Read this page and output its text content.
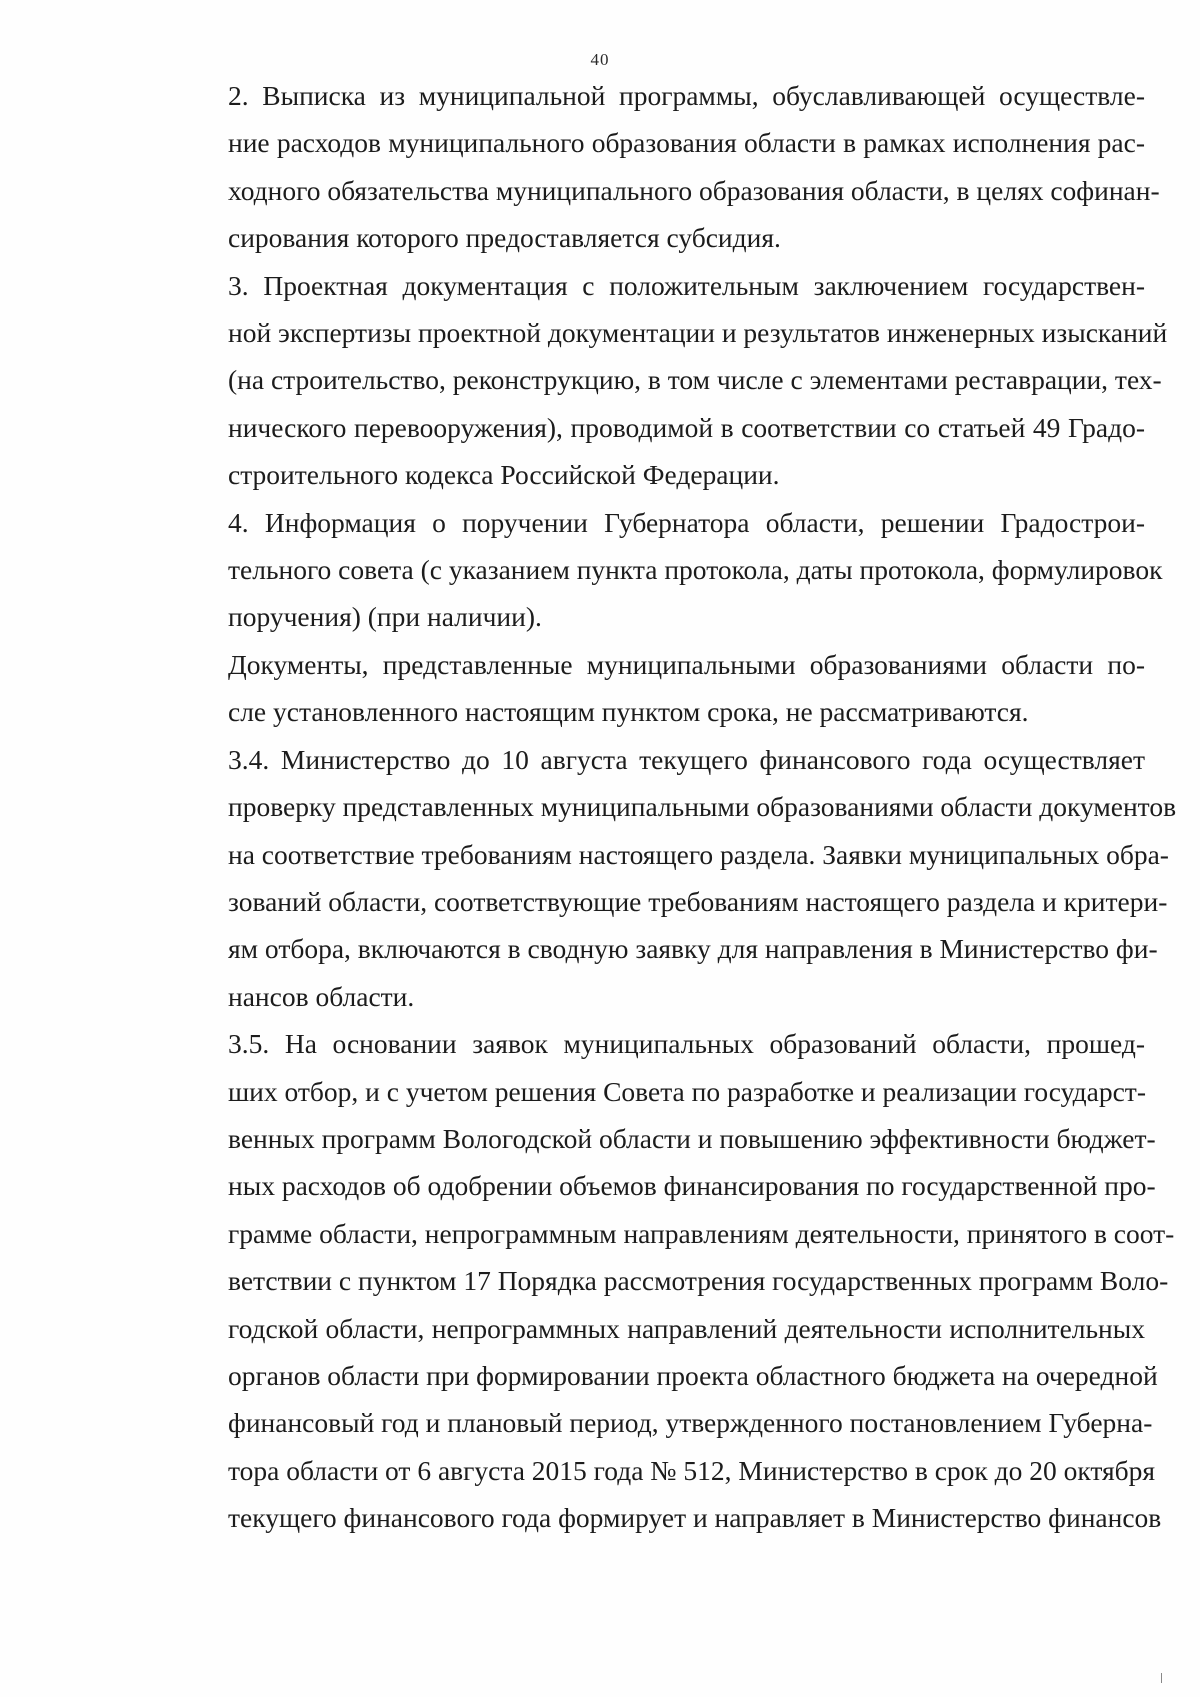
40
2. Выписка из муниципальной программы, обуславливающей осуществле-
ние расходов муниципального образования области в рамках исполнения рас-
ходного обязательства муниципального образования области, в целях софинан-
сирования которого предоставляется субсидия.
3. Проектная документация с положительным заключением государствен-
ной экспертизы проектной документации и результатов инженерных изысканий
(на строительство, реконструкцию, в том числе с элементами реставрации, тех-
нического перевооружения), проводимой в соответствии со статьей 49 Градо-
строительного кодекса Российской Федерации.
4. Информация о поручении Губернатора области, решении Градострои-
тельного совета (с указанием пункта протокола, даты протокола, формулировок
поручения) (при наличии).
Документы, представленные муниципальными образованиями области по-
сле установленного настоящим пунктом срока, не рассматриваются.
3.4. Министерство до 10 августа текущего финансового года осуществляет
проверку представленных муниципальными образованиями области документов
на соответствие требованиям настоящего раздела. Заявки муниципальных обра-
зований области, соответствующие требованиям настоящего раздела и критери-
ям отбора, включаются в сводную заявку для направления в Министерство фи-
нансов области.
3.5. На основании заявок муниципальных образований области, прошед-
ших отбор, и с учетом решения Совета по разработке и реализации государст-
венных программ Вологодской области и повышению эффективности бюджет-
ных расходов об одобрении объемов финансирования по государственной про-
грамме области, непрограммным направлениям деятельности, принятого в соот-
ветствии с пунктом 17 Порядка рассмотрения государственных программ Воло-
годской области, непрограммных направлений деятельности исполнительных
органов области при формировании проекта областного бюджета на очередной
финансовый год и плановый период, утвержденного постановлением Губерна-
тора области от 6 августа 2015 года № 512, Министерство в срок до 20 октября
текущего финансового года формирует и направляет в Министерство финансов
